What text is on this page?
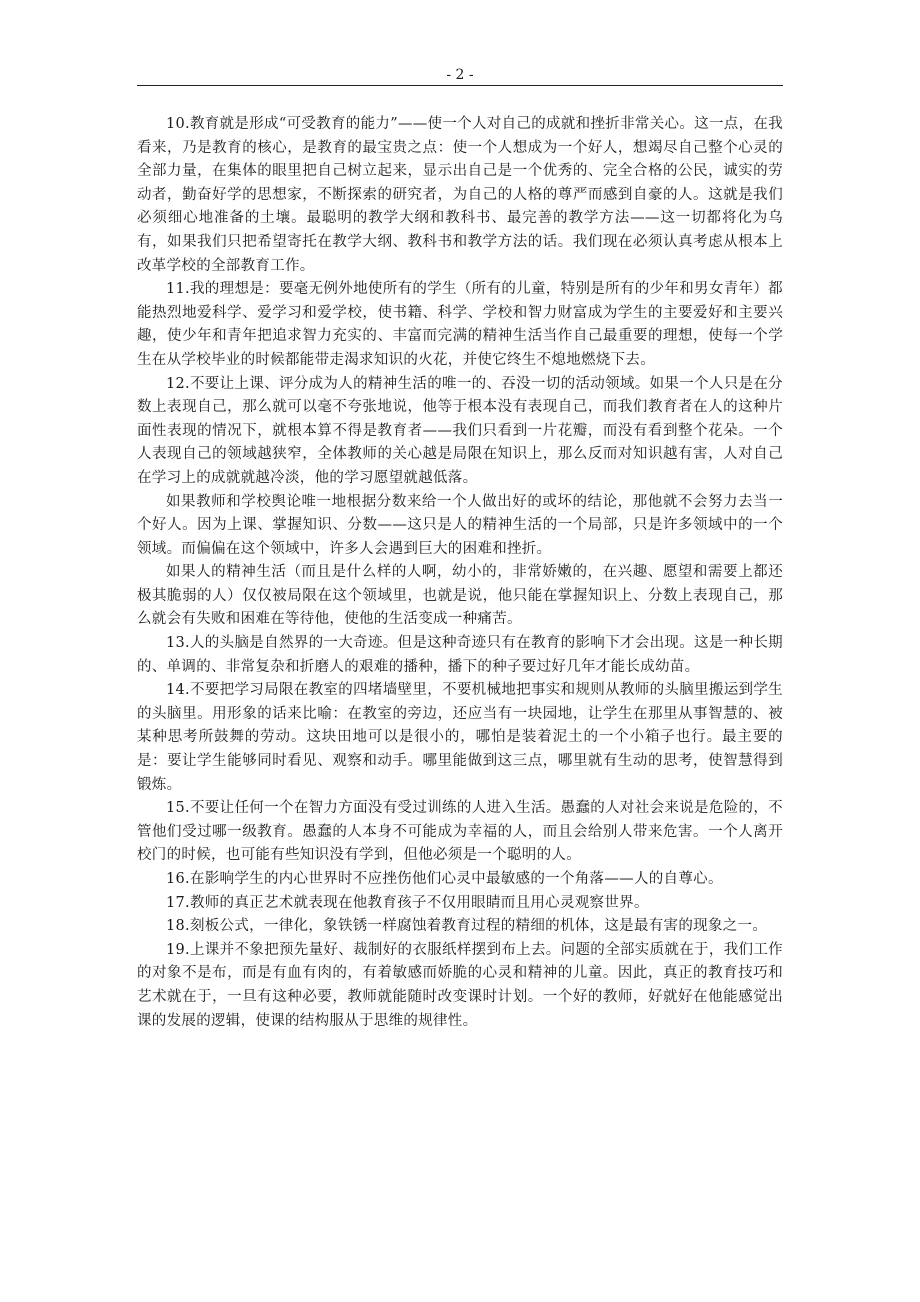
- 2 -

10.教育就是形成“可受教育的能力”——使一个人对自己的成就和挫折非常关心。这一点，在我看来，乃是教育的核心，是教育的最宝贵之点：使一个人想成为一个好人，想竭尽自己整个心灵的全部力量，在集体的眼里把自己树立起来，显示出自己是一个优秀的、完全合格的公民，诚实的劳动者，勤奋好学的思想家，不断探索的研究者，为自己的人格的尊严而感到自豪的人。这就是我们必须细心地准备的土壤。最聪明的教学大纲和教科书、最完善的教学方法——这一切都将化为乌有，如果我们只把希望寄托在教学大纲、教科书和教学方法的话。我们现在必须认真考虑从根本上改革学校的全部教育工作。

11.我的理想是：要毫无例外地使所有的学生（所有的儿童，特别是所有的少年和男女青年）都能热烈地爱科学、爱学习和爱学校，使书籍、科学、学校和智力财富成为学生的主要爱好和主要兴趣，使少年和青年把追求智力充实的、丰富而完满的精神生活当作自己最重要的理想，使每一个学生在从学校毕业的时候都能带走渴求知识的火花，并使它终生不熄地燃烧下去。

12.不要让上课、评分成为人的精神生活的唯一的、吞没一切的活动领域。如果一个人只是在分数上表现自己，那么就可以毫不夸张地说，他等于根本没有表现自己，而我们教育者在人的这种片面性表现的情况下，就根本算不得是教育者——我们只看到一片花瓣，而没有看到整个花朵。一个人表现自己的领域越狭窄，全体教师的关心越是局限在知识上，那么反而对知识越有害，人对自己在学习上的成就就越冷淡，他的学习愿望就越低落。

如果教师和学校舆论唯一地根据分数来给一个人做出好的或坏的结论，那他就不会努力去当一个好人。因为上课、掌握知识、分数——这只是人的精神生活的一个局部，只是许多领域中的一个领域。而偏偏在这个领域中，许多人会遇到巨大的困难和挫折。

如果人的精神生活（而且是什么样的人啊，幼小的，非常娇嫩的，在兴趣、愿望和需要上都还极其脆弱的人）仅仅被局限在这个领域里，也就是说，他只能在掌握知识上、分数上表现自己，那么就会有失败和困难在等待他，使他的生活变成一种痛苦。

13.人的头脑是自然界的一大奇迹。但是这种奇迹只有在教育的影响下才会出现。这是一种长期的、单调的、非常复杂和折磨人的艰难的播种，播下的种子要过好几年才能长成幼苗。

14.不要把学习局限在教室的四堵墙壁里，不要机械地把事实和规则从教师的头脑里搬运到学生的头脑里。用形象的话来比喻：在教室的旁边，还应当有一块园地，让学生在那里从事智慧的、被某种思考所鼓舞的劳动。这块田地可以是很小的，哪怕是装着泥土的一个小箱子也行。最主要的是：要让学生能够同时看见、观察和动手。哪里能做到这三点，哪里就有生动的思考，使智慧得到锻炼。

15.不要让任何一个在智力方面没有受过训练的人进入生活。愚蠢的人对社会来说是危险的，不管他们受过哪一级教育。愚蠢的人本身不可能成为幸福的人，而且会给别人带来危害。一个人离开校门的时候，也可能有些知识没有学到，但他必须是一个聪明的人。

16.在影响学生的内心世界时不应挫伤他们心灵中最敏感的一个角落——人的自尊心。

17.教师的真正艺术就表现在他教育孩子不仅用眼睛而且用心灵观察世界。

18.刻板公式，一律化，象铁锈一样腐蚀着教育过程的精细的机体，这是最有害的现象之一。

19.上课并不象把预先量好、裁制好的衣服纸样摆到布上去。问题的全部实质就在于，我们工作的对象不是布，而是有血有肉的，有着敏感而娇脆的心灵和精神的儿童。因此，真正的教育技巧和艺术就在于，一旦有这种必要，教师就能随时改变课时计划。一个好的教师，好就好在他能感觉出课的发展的逻辑，使课的结构服从于思维的规律性。
